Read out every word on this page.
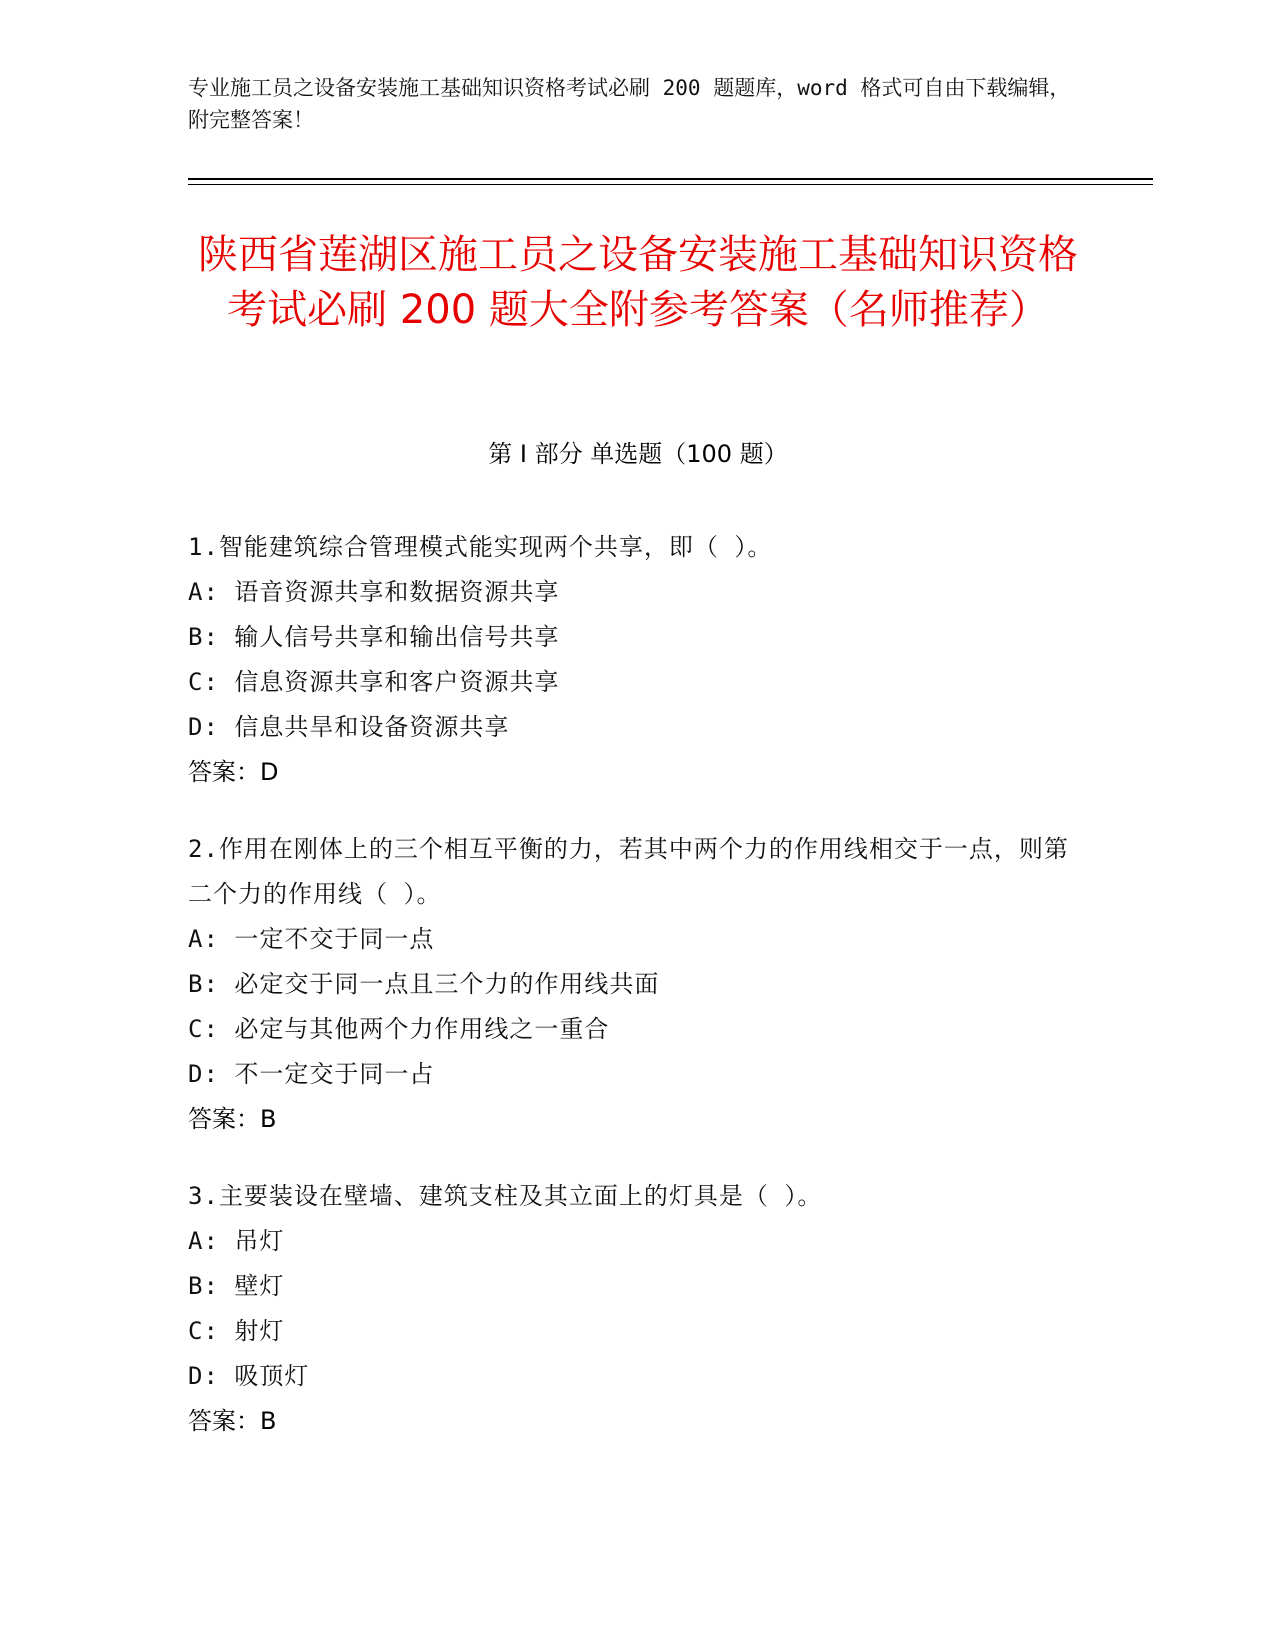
专业施工员之设备安装施工基础知识资格考试必刷 200 题题库，word 格式可自由下载编辑，附完整答案！
陕西省莲湖区施工员之设备安装施工基础知识资格考试必刷 200 题大全附参考答案（名师推荐）
第 I 部分 单选题（100 题）
1.智能建筑综合管理模式能实现两个共享，即（ ）。
A: 语音资源共享和数据资源共享
B: 输人信号共享和输出信号共享
C: 信息资源共享和客户资源共享
D: 信息共旱和设备资源共享
答案：D
2.作用在刚体上的三个相互平衡的力，若其中两个力的作用线相交于一点，则第二个力的作用线（ ）。
A: 一定不交于同一点
B: 必定交于同一点且三个力的作用线共面
C: 必定与其他两个力作用线之一重合
D: 不一定交于同一占
答案：B
3.主要装设在壁墙、建筑支柱及其立面上的灯具是（ ）。
A: 吊灯
B: 壁灯
C: 射灯
D: 吸顶灯
答案：B
